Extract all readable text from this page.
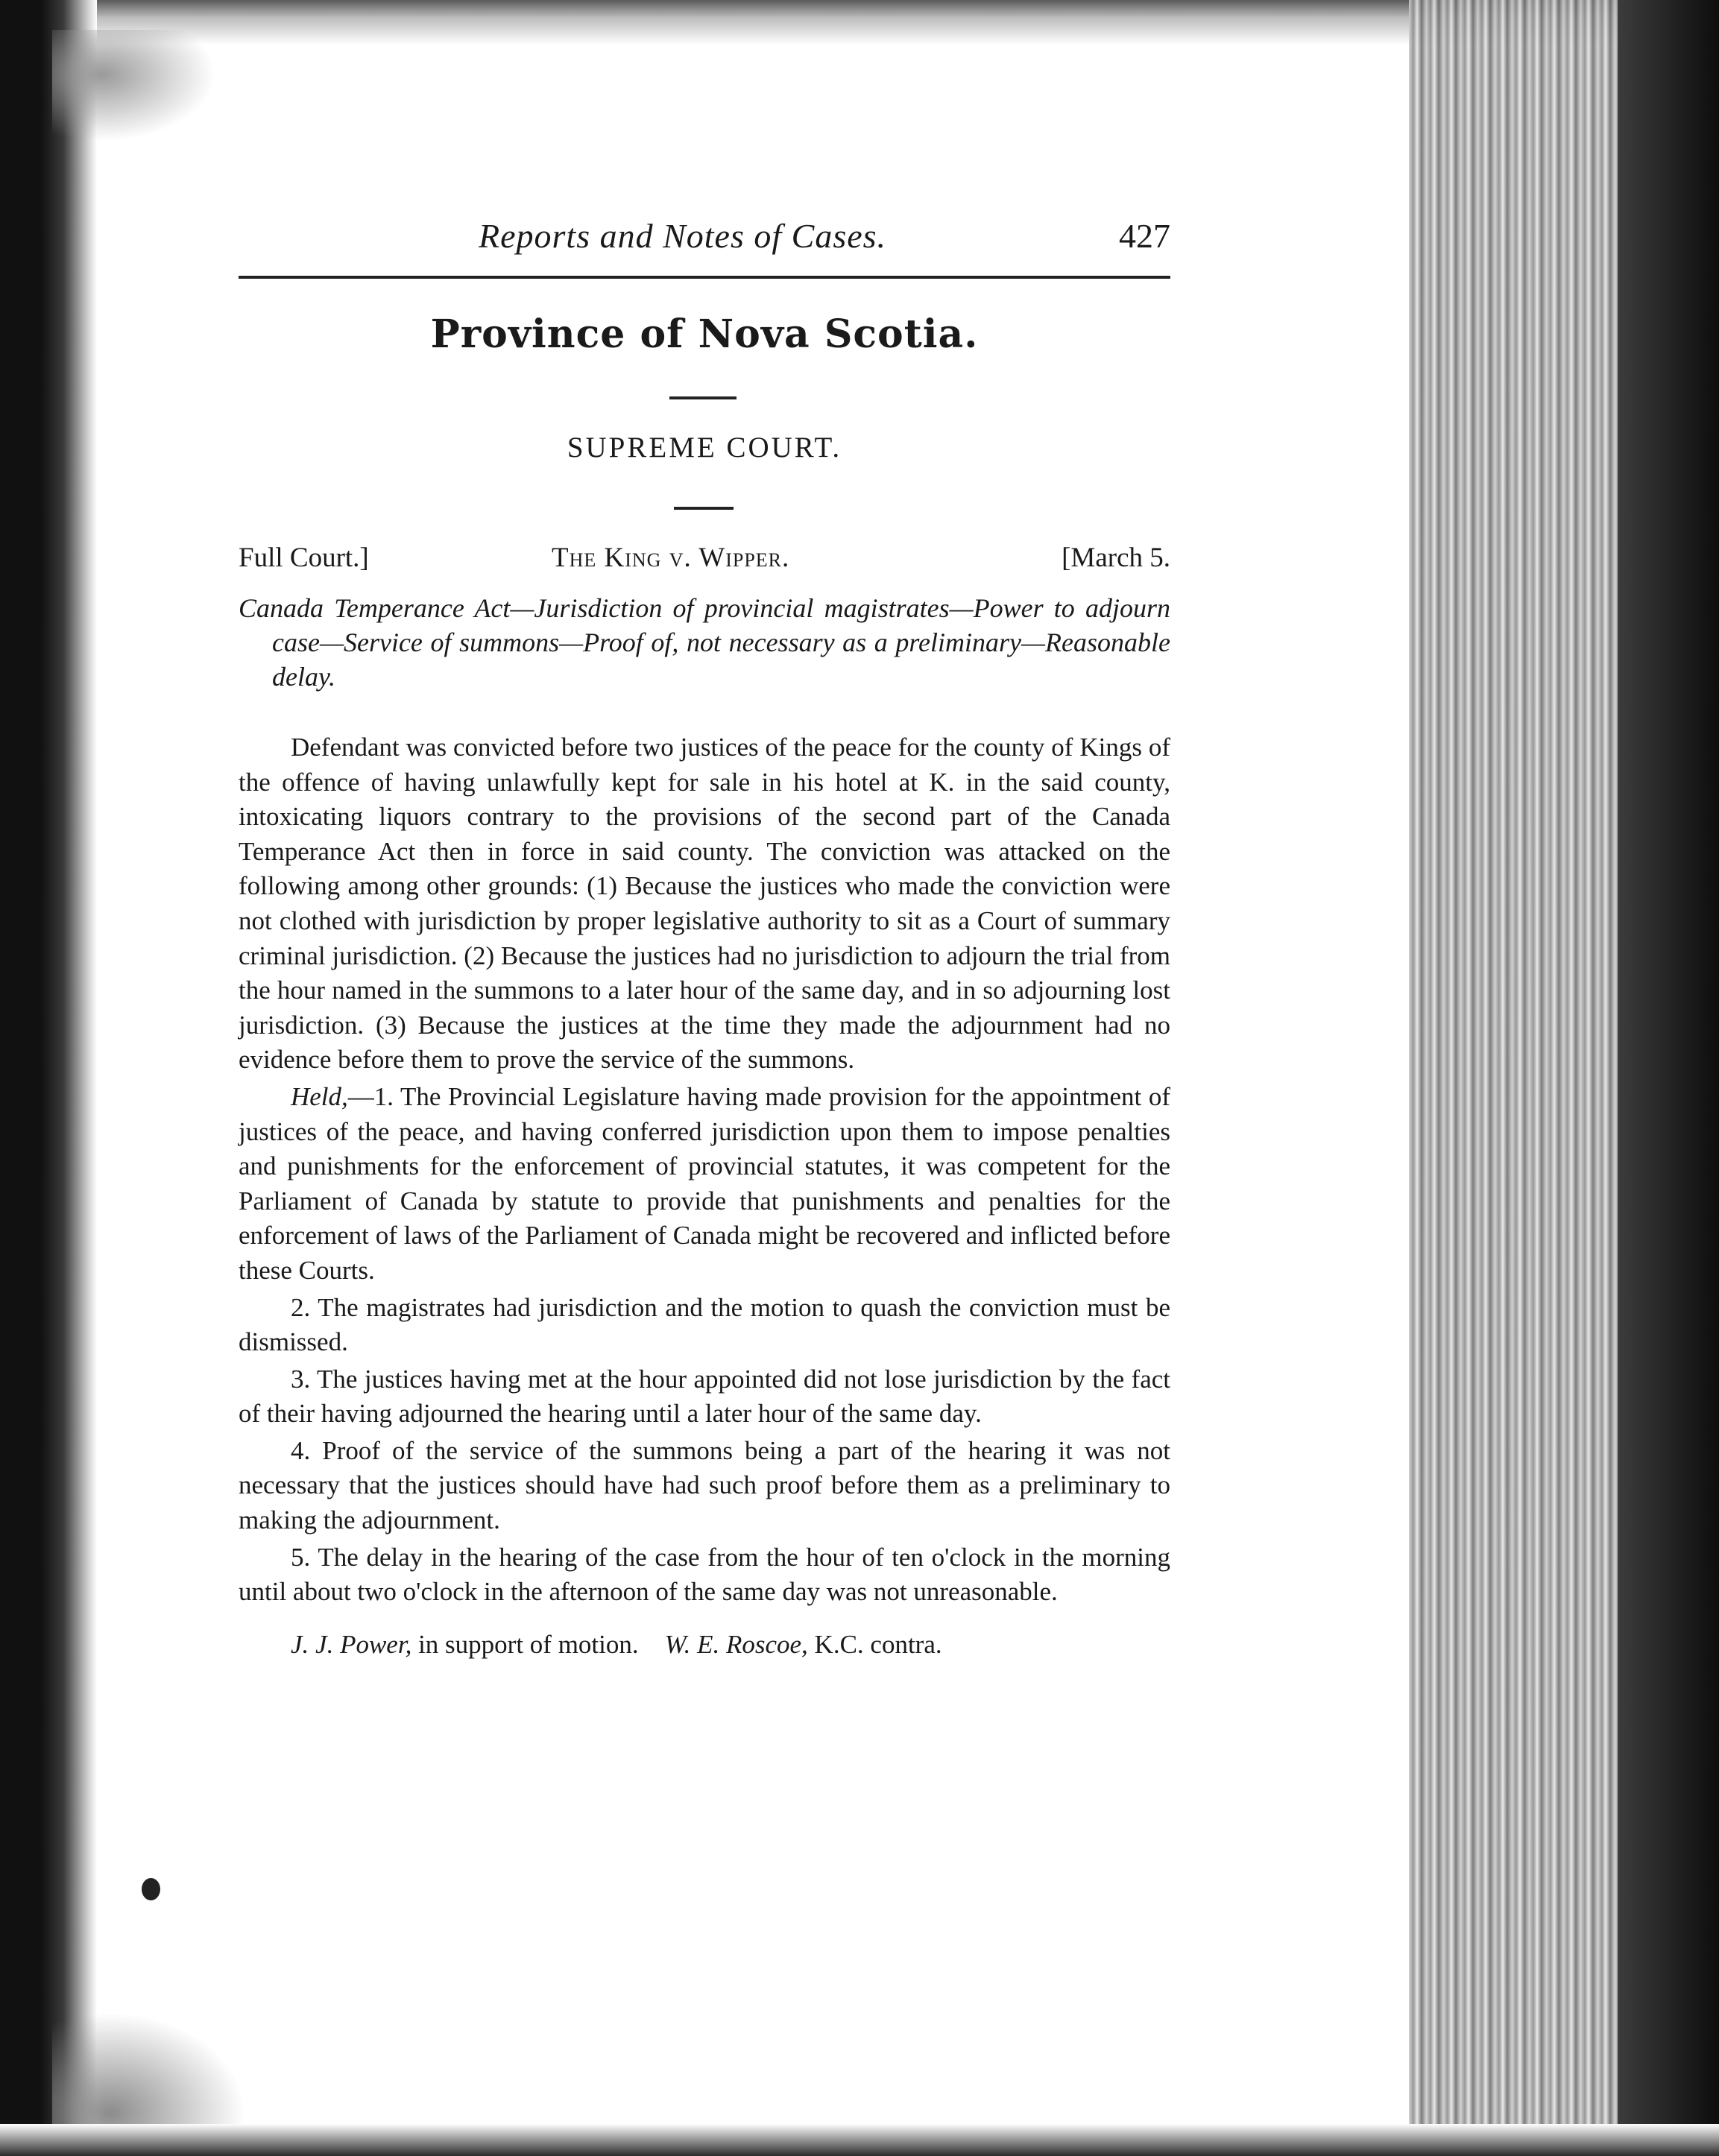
Reports and Notes of Cases.	427
Province of Nova Scotia.
SUPREME COURT.
Full Court.]	The King v. Wipper.	[March 5.
Canada Temperance Act—Jurisdiction of provincial magistrates—Power to adjourn case—Service of summons—Proof of, not necessary as a preliminary—Reasonable delay.

Defendant was convicted before two justices of the peace for the county of Kings of the offence of having unlawfully kept for sale in his hotel at K. in the said county, intoxicating liquors contrary to the provisions of the second part of the Canada Temperance Act then in force in said county. The conviction was attacked on the following among other grounds: (1) Because the justices who made the conviction were not clothed with jurisdiction by proper legislative authority to sit as a Court of summary criminal jurisdiction. (2) Because the justices had no jurisdiction to adjourn the trial from the hour named in the summons to a later hour of the same day, and in so adjourning lost jurisdiction. (3) Because the justices at the time they made the adjournment had no evidence before them to prove the service of the summons.

Held,—1. The Provincial Legislature having made provision for the appointment of justices of the peace, and having conferred jurisdiction upon them to impose penalties and punishments for the enforcement of provincial statutes, it was competent for the Parliament of Canada by statute to provide that punishments and penalties for the enforcement of laws of the Parliament of Canada might be recovered and inflicted before these Courts.

2. The magistrates had jurisdiction and the motion to quash the conviction must be dismissed.

3. The justices having met at the hour appointed did not lose jurisdiction by the fact of their having adjourned the hearing until a later hour of the same day.

4. Proof of the service of the summons being a part of the hearing it was not necessary that the justices should have had such proof before them as a preliminary to making the adjournment.

5. The delay in the hearing of the case from the hour of ten o'clock in the morning until about two o'clock in the afternoon of the same day was not unreasonable.

J. J. Power, in support of motion. W. E. Roscoe, K.C. contra.
